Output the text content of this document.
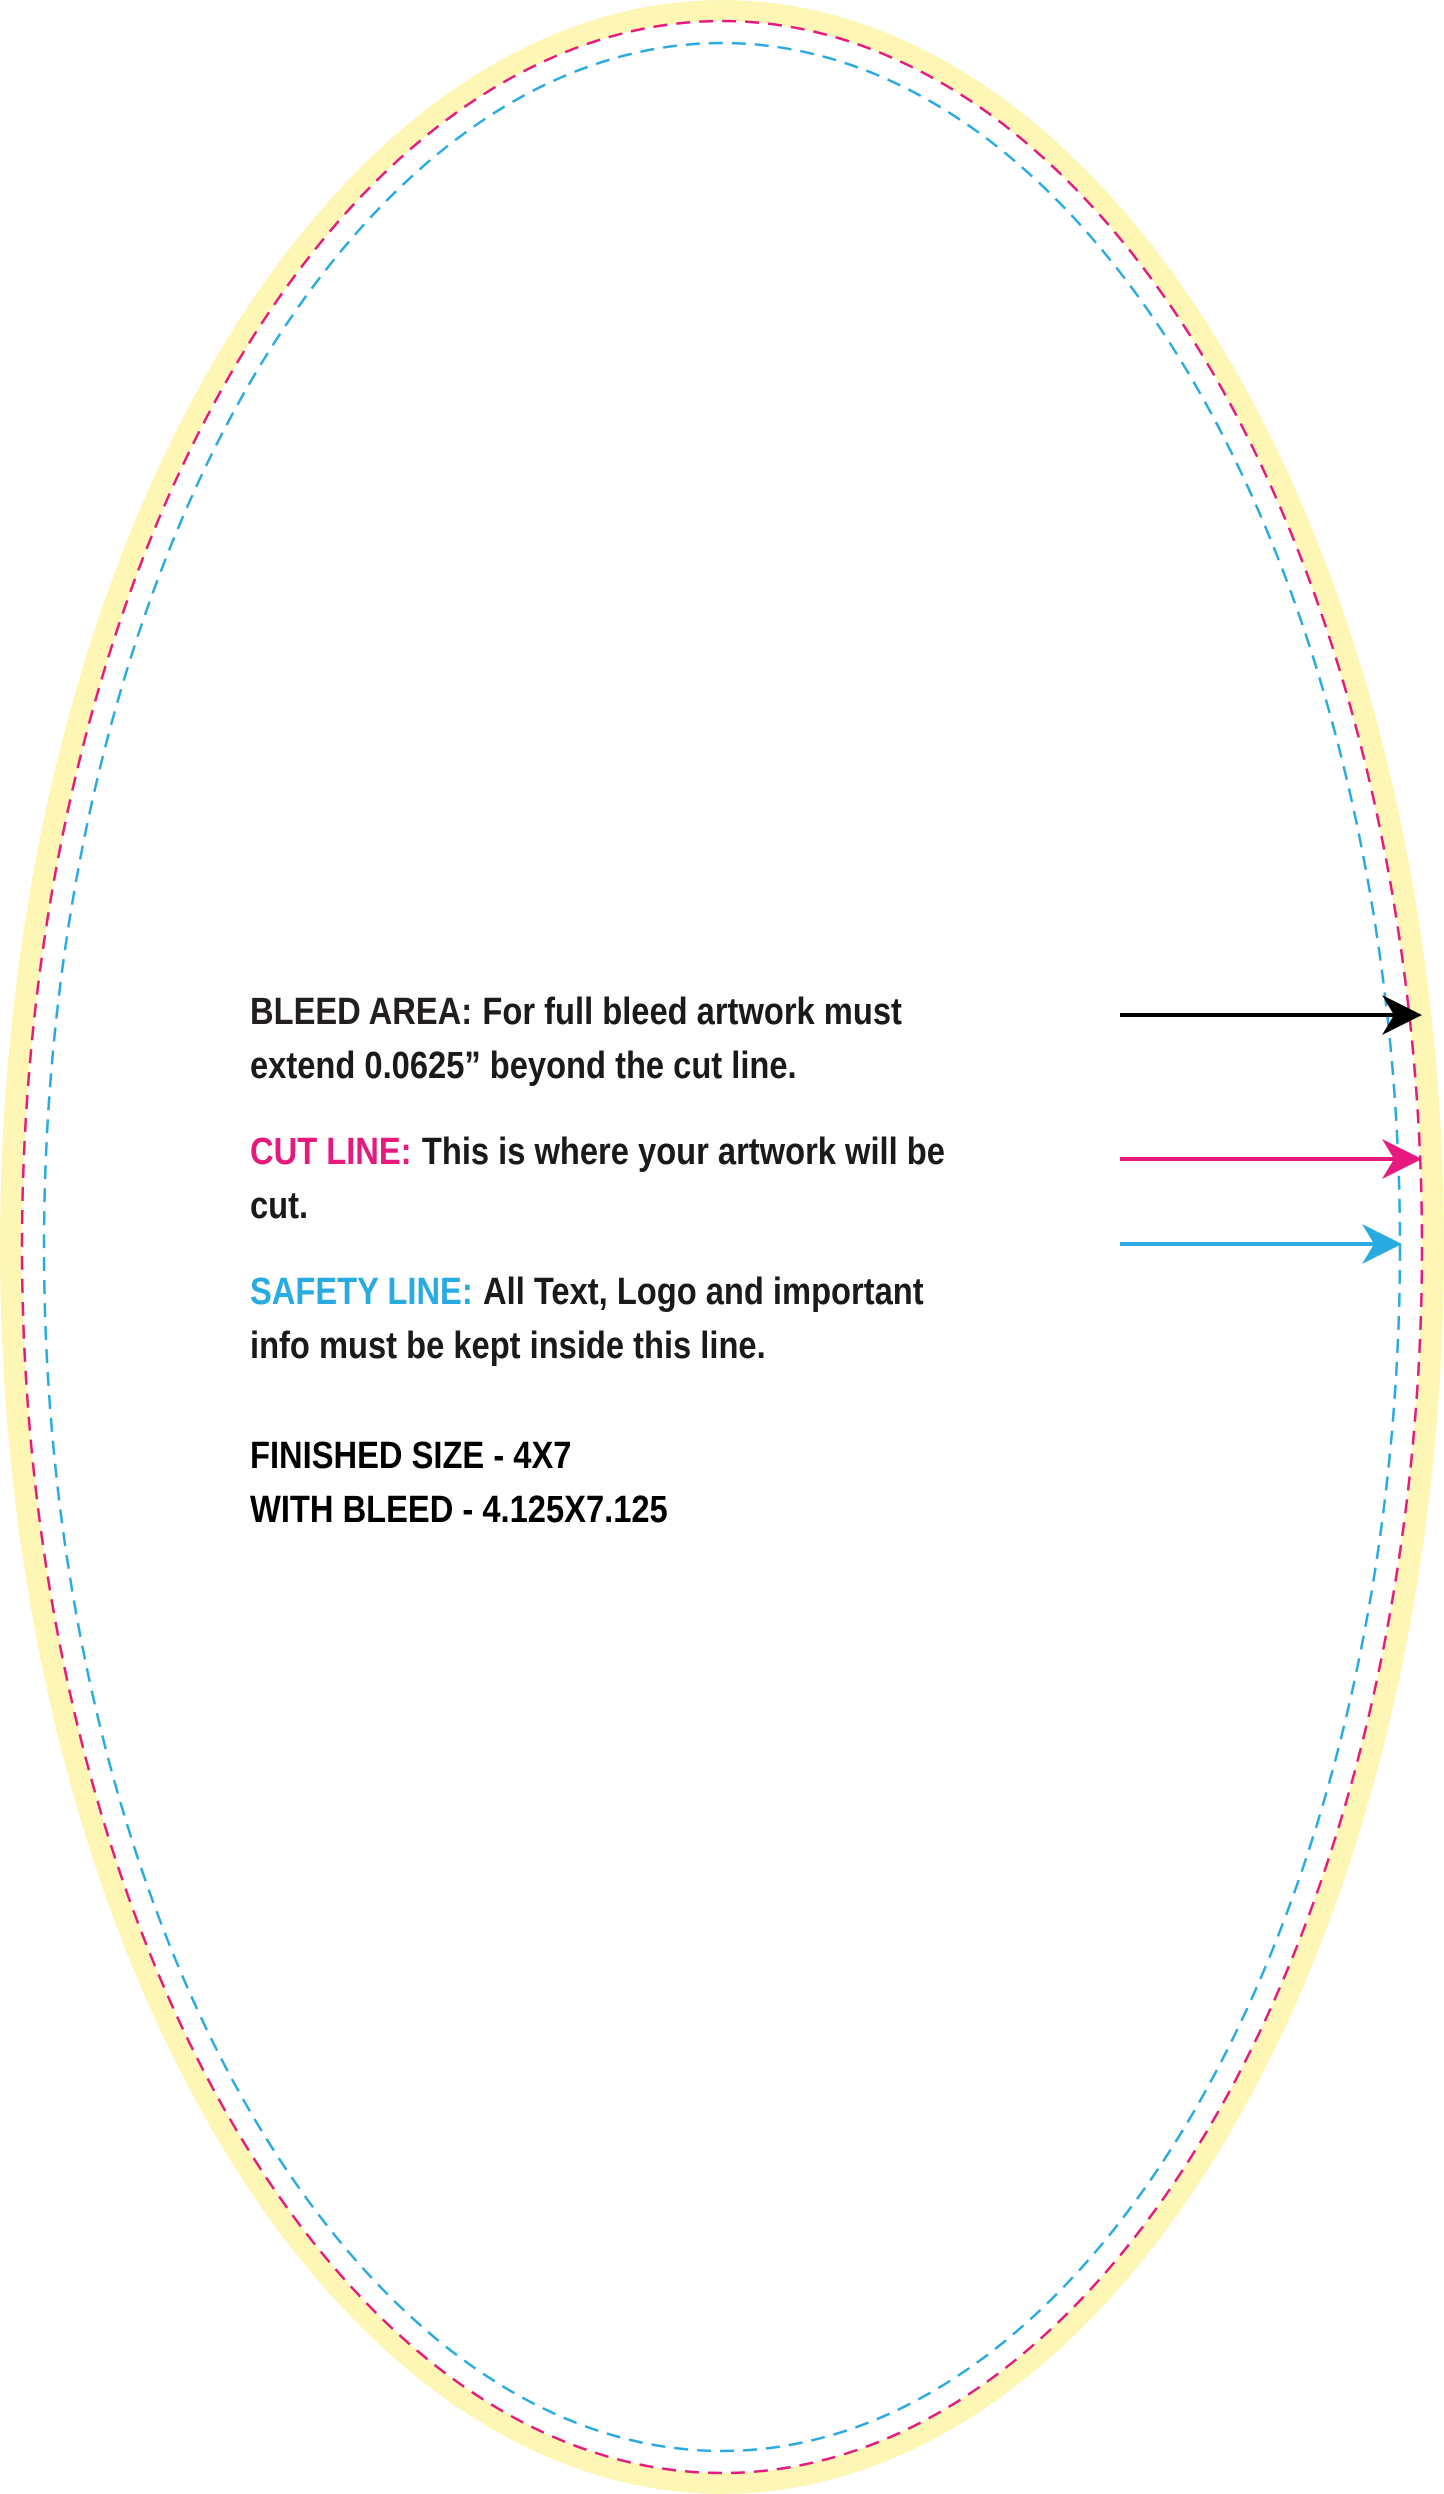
BLEED AREA: For full bleed artwork must extend 0.0625” beyond the cut line.
CUT LINE: This is where your artwork will be cut.
SAFETY LINE: All Text, Logo and important info must be kept inside this line.
FINISHED SIZE - 4X7
WITH BLEED - 4.125X7.125
